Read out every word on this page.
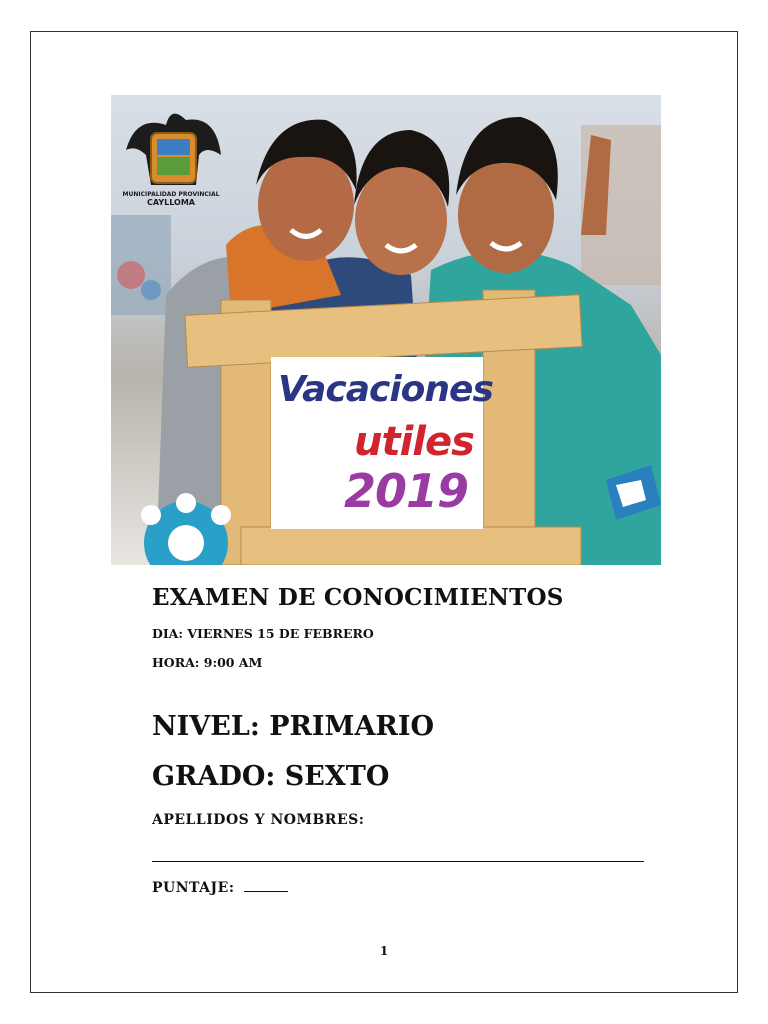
MUNICIPALIDAD PROVINCIAL
CAYLLOMA
Vacaciones
utiles
2019
EXAMEN DE CONOCIMIENTOS
DIA: VIERNES 15 DE FEBRERO
HORA: 9:00 AM
NIVEL: PRIMARIO
GRADO: SEXTO
APELLIDOS Y NOMBRES:
PUNTAJE:
1
